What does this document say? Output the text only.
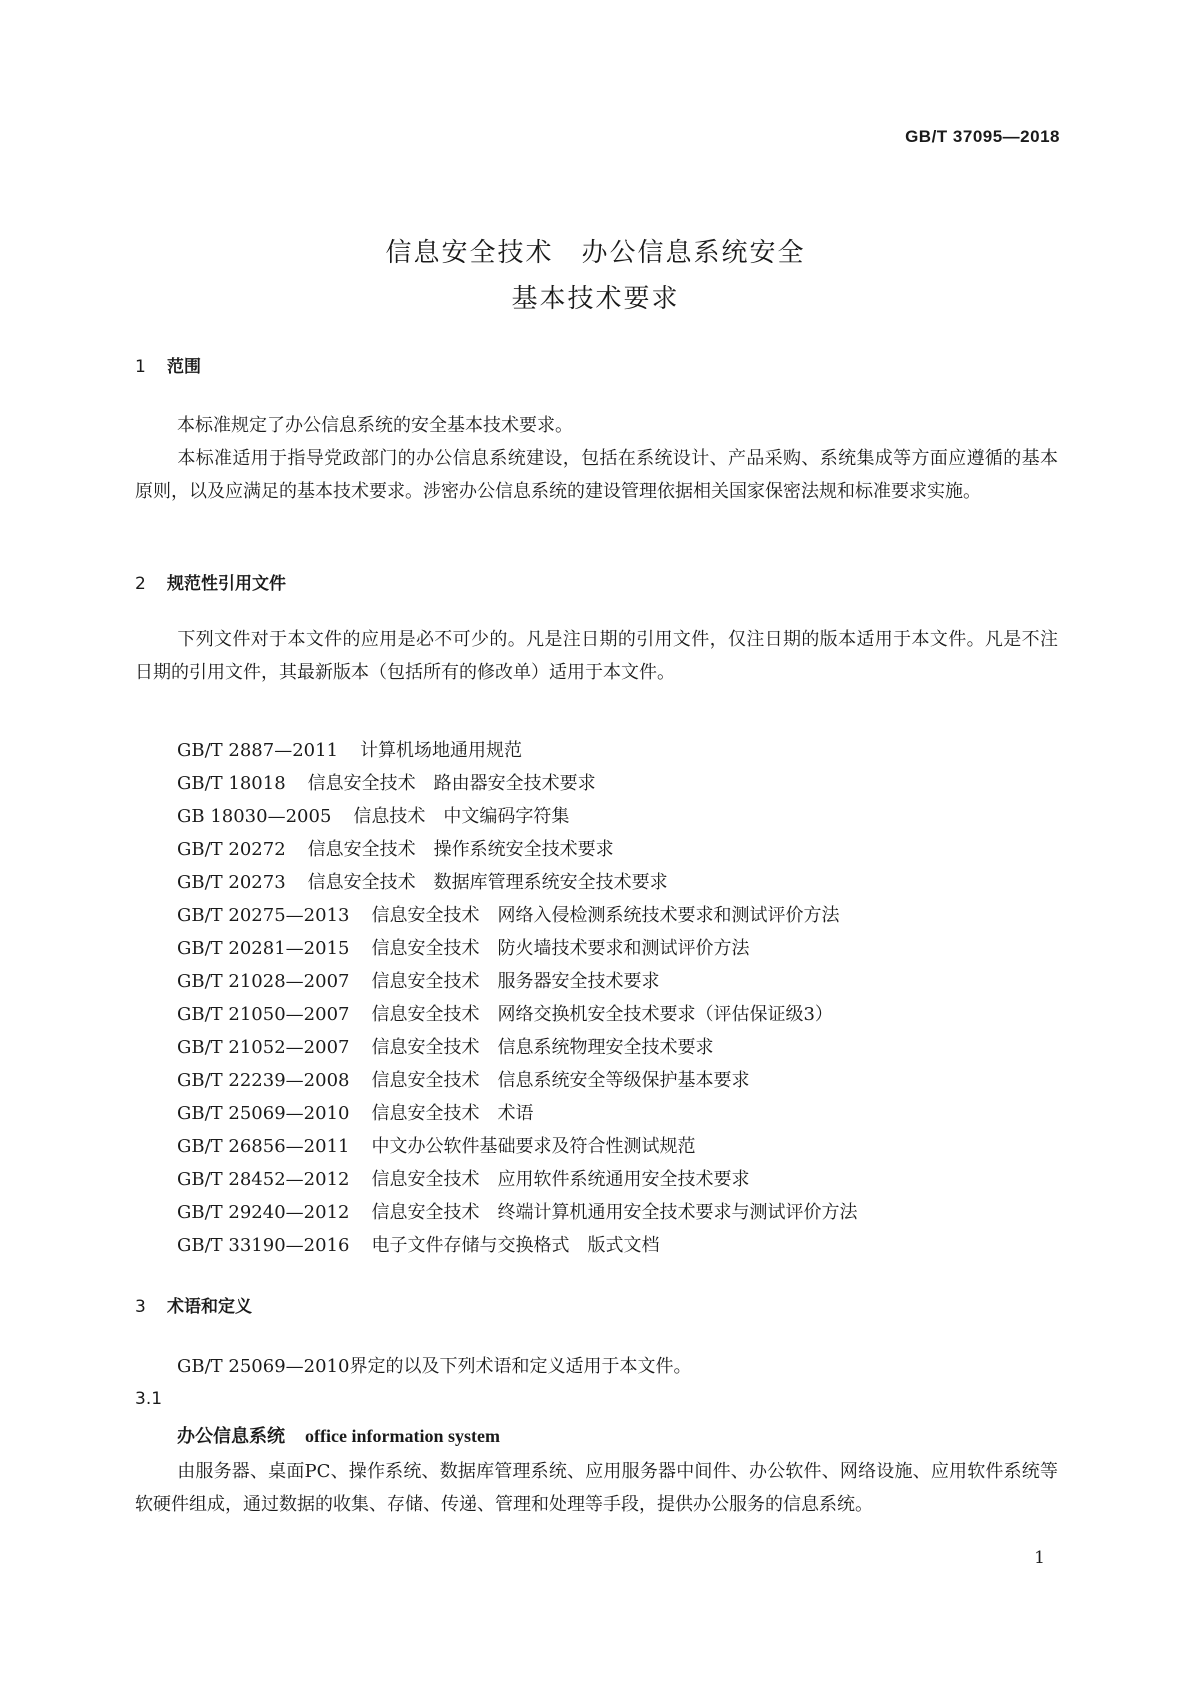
GB/T 37095—2018
信息安全技术　办公信息系统安全
基本技术要求
1 范围
本标准规定了办公信息系统的安全基本技术要求。
本标准适用于指导党政部门的办公信息系统建设，包括在系统设计、产品采购、系统集成等方面应遵循的基本原则，以及应满足的基本技术要求。涉密办公信息系统的建设管理依据相关国家保密法规和标准要求实施。
2 规范性引用文件
下列文件对于本文件的应用是必不可少的。凡是注日期的引用文件，仅注日期的版本适用于本文件。凡是不注日期的引用文件，其最新版本（包括所有的修改单）适用于本文件。
GB/T 2887—2011 计算机场地通用规范
GB/T 18018 信息安全技术　路由器安全技术要求
GB 18030—2005 信息技术　中文编码字符集
GB/T 20272 信息安全技术　操作系统安全技术要求
GB/T 20273 信息安全技术　数据库管理系统安全技术要求
GB/T 20275—2013 信息安全技术　网络入侵检测系统技术要求和测试评价方法
GB/T 20281—2015 信息安全技术　防火墙技术要求和测试评价方法
GB/T 21028—2007 信息安全技术　服务器安全技术要求
GB/T 21050—2007 信息安全技术　网络交换机安全技术要求（评估保证级3）
GB/T 21052—2007 信息安全技术　信息系统物理安全技术要求
GB/T 22239—2008 信息安全技术　信息系统安全等级保护基本要求
GB/T 25069—2010 信息安全技术　术语
GB/T 26856—2011 中文办公软件基础要求及符合性测试规范
GB/T 28452—2012 信息安全技术　应用软件系统通用安全技术要求
GB/T 29240—2012 信息安全技术　终端计算机通用安全技术要求与测试评价方法
GB/T 33190—2016 电子文件存储与交换格式　版式文档
3 术语和定义
GB/T 25069—2010界定的以及下列术语和定义适用于本文件。
3.1
办公信息系统 office information system
由服务器、桌面PC、操作系统、数据库管理系统、应用服务器中间件、办公软件、网络设施、应用软件系统等软硬件组成，通过数据的收集、存储、传递、管理和处理等手段，提供办公服务的信息系统。
1
